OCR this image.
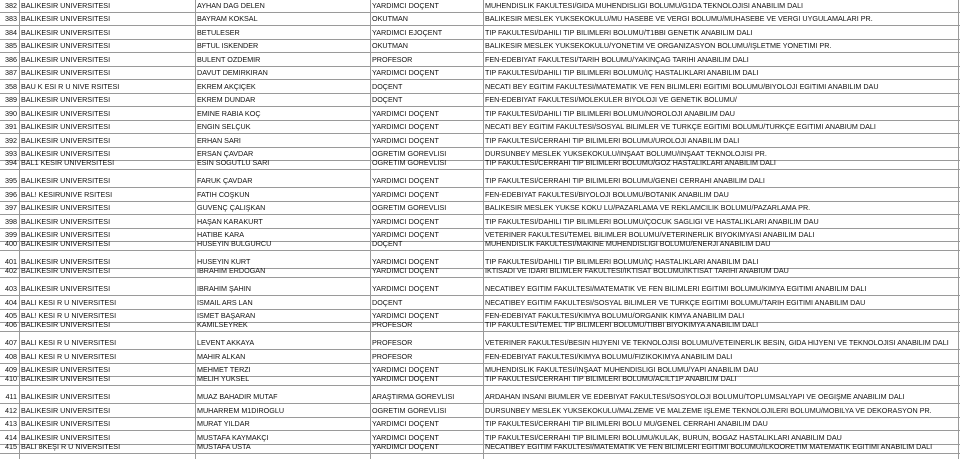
382 BALIKESIR UNIVERSITESI	AYHAN DAG DELEN	YARDIMCI DOÇENT	MUHENDISLIK FAKULTESI/GIDA MUHENDISLIGI BOLUMU/G1DA TEKNOLOJISI ANABILIM DALI
383 BALIKESIR UNIVERSITESI	BAYRAM KOKSAL	OKUTMAN	BALIKESIR MESLEK YUKSEKOKULU/MU HASEBE VE VERGI BOLUMU/MUHASEBE VE VERGI UYGULAMALARI PR.
384 BALIKESIR UNIVERSITESI	BETULESER	YARDIMCI EJOÇENT	TIP FAKULTESI/DAHILI TIP BILIMLERI BOLUMU/T1BBI GENETIK ANABILIM DALI
385 BALIKESIR UNIVERSITESI	BFTUL ISKENDER	OKUTMAN	BALIKESIR MESLEK YUKSEKOKULU/YONETIM VE ORGANIZASYON BOLUMU/IŞLETME YONETIMI PR.
386 BALIKESIR UNIVERSITESI	BULENT OZDEMIR	PROFESOR	FEN-EDEBIYAT FAKULTESI/TARIH BOLUMU/YAKINÇAG TARIHI ANABILIM DALI
387 BALIKESIR UNIVERSITESI	DAVUT DEMIRKIRAN	YARDIMCI DOÇENT	TIP FAKULTESI/DAHILI TIP BILIMLERI BOLUMU/IÇ HASTALIKLARI ANABILIM DALI
358 BAU K ESI R U NIVE RSITESI	EKREM AKÇIÇEK	DOÇENT	NECATI BEY EGITIM FAKULTESI/MATEMATIK VE FEN BILIMLERI EGITIMI BOLUMU/BIYOLOJI EGITIMI ANABILIM DAU
389 BALIKESIR UNIVERSITESI	EKREM DUNDAR	DOÇENT	FEN-EDEBIYAT FAKULTESI/MOLEKULER BIYOLOJI VE GENETIK BOLUMU/
390 BALIKESIR UNIVERSITESI	EMINE RABIA KOÇ	YARDIMCI DOÇENT	TIP FAKULTESI/DAHILI TIP BILIMLERI BOLUMU/NOROLOJI ANABILIM DAU
391 BALIKESIR UNIVERSITESI	ENGIN SELÇUK	YARDIMCI DOÇENT	NECATI BEY EGITIM FAKULTESI/SOSYAL BILIMLER VE TURKÇE EGITIMI BOLUMU/TURKÇE EGITIMI ANABIUM DALI
392 BALIKESIR UNIVERSITESI	ERHAN SARI	YARDIMCI DOÇENT	TIP FAKULTESI/CERRAHI TIP BILIMLERI BOLUMU/UROLOJI ANABILIM DALI
393 BALIKESIR UNIVERSITESI	ERSAN ÇAVDAR	OGRETIM GOREVLISI	DURSUNBEY MESLEK YUKSEKOKULU/INŞAAT BOLUMU/INŞAAT TEKNOLOJISI PR.
394 BAL1 KESIR UNIVERSITESI	ESIN SOGUTLU SARI	OGRETIM GOREVLISI	TIP FAKULTESI/CERRAHI TIP BILIMLERI BOLUMU/GOZ HASTALIKLARI ANABILIM DALI
395 BALIKESIR UNIVERSITESI	FARUK ÇAVDAR	YARDIMCI DOÇENT	TIP FAKULTESI/CERRAHI TIP BILIMLERI BOLUMU/GENEI CERRAHI ANABILIM DALI
396 BAL! KESIRUNIVE RSITESI	FATIH COŞKUN	YARDIMCI DOÇENT	FEN-EDEBIYAT FAKULTESI/BIYOLOJI BOLUMU/BOTANIK ANABILIM DAU
397 BALIKESIR UNIVERSITESI	GUVENÇ ÇALIŞKAN	OGRETIM GOREVLISI	BALIKESIR MESLEK YUKSE KOKU LU/PAZARLAMA VE REKLAMCILIK BOLUMU/PAZARLAMA PR.
398 BALIKESIR UNIVERSITESI	HAŞAN KARAKURT	YARDIMCI DOÇENT	TIP FAKULTESI/DAHILI TIP BILIMLERI BOLUMU/ÇOCUK SAGLIGI VE HASTALIKLARI ANABILIM DAU
399 BALIKESIR UNIVERSITESI	HATIBE KARA	YARDIMCI DOÇENT	VETERINER FAKULTESI/TEMEL BILIMLER BOLUMU/VETERINERLIK BIYOKIMYASI ANABILIM DALI
400 BALIKESIR UNIVERSITESI	HUSEYIN BULGURCU	DOÇENT	MUHENDISLIK FAKULTESI/MAKINE MUHENDISLIGI BOLUMU/ENERJI ANABILIM DAU
401 BALIKESIR UNIVERSITESI	HUSEYIN KURT	YARDIMCI DOÇENT	TIP FAKULTESI/DAHILI TIP BILIMLERI BOLUMU/IÇ HASTALIKLARI ANABILIM DALI
402 BALIKESIR UNIVERSITESI	IBRAHIM ERDOGAN	YARDIMCI DOÇENT	IKTISADI VE IDARI BILIMLER FAKULTESI/IKTISAT BOLUMU/IKTISAT TARIHI ANABIUM DAU
403 BALIKESIR UNIVERSITESI	IBRAHIM ŞAHIN	YARDIMCI DOÇENT	NECATIBEY EGITIM FAKULTESI/MATEMATIK VE FEN BILIMLERI EGITIMI BOLUMU/KIMYA EGITIMI ANABILIM DALI
404 BALI KESI R U NIVERSITESI	ISMAIL ARS LAN	DOÇENT	NECATIBEY EGITIM FAKULTESI/SOSYAL BILIMLER VE TURKÇE EGITIMI BOLUMU/TARIH EGITIMI ANABILIM DAU
405 BAL! KESI R U NIVERSITESI	ISMET BAŞARAN	YARDIMCI DOÇENT	FEN-EDEBIYAT FAKULTESI/KIMYA BOLUMU/ORGANIK KIMYA ANABILIM DALI
406 BALIKESIR UNIVERSITESI	KAMILSEYREK	PROFESOR	TIP FAKULTESI/TEMEL TIP BILIMLERI BOLUMU/TIBBI BIYOKIMYA ANABILIM DALI
407 BALI KESI R U NIVERSITESI	LEVENT AKKAYA	PROFESOR	VETERINER FAKULTESI/BESIN HIJYENI VE TEKNOLOJISI BOLUMU/VETEINERLIK BESIN, GIDA HIJYENI VE TEKNOLOJISI ANABILIM DALI
408 BALI KESI R U NIVERSITESI	MAHIR ALKAN	PROFESOR	FEN-EDEBIYAT FAKULTESI/KIMYA BOLUMU/FIZIKOKIMYA ANABILIM DALI
409 BALIKESIR UNIVERSITESI	MEHMET TERZI	YARDIMCI DOÇENT	MUHENDISLIK FAKULTESI/INŞAAT MUHENDISLIGI BOLUMU/YAPI ANABILIM DAU
410 BALIKESIR UNIVERSITESI	MELIH YUKSEL	YARDIMCI DOÇENT	TIP FAKULTESI/CERRAHI TIP BILIMLERI BOLUMU/ACILT1P ANABILIM DALI
411 BALIKESIR UNIVERSITESI	MUAZ BAHADIR MUTAF	ARAŞTIRMA GOREVLISI	ARDAHAN INSANI BIUMLER VE EDEBIYAT FAKULTESI/SOSYOLOJI BOLUMU/TOPLUMSALYAPI VE OEGIŞME ANABILIM DALI
412 BALIKESIR UNIVERSITESI	MUHARREM M1DIROGLU	OGRETIM GOREVLISI	DURSUNBEY MESLEK YUKSEKOKULU/MALZEME VE MALZEME IŞLEME TEKNOLOJILERI BOLUMU/MOBILYA VE DEKORASYON PR.
413 BALIKESIR UNIVERSITESI	MURAT YILDAR	YARDIMCI DOÇENT	TIP FAKULTESI/CERRAHI TIP BILIMLERI BOLU MU/GENEL CERRAHI ANABILIM DAU
414 BALIKESIR UNIVERSITESI	MUSTAFA KAYMAKÇI	YARDIMCI DOÇENT	TIP FAKULTESI/CERRAHI TIP BILIMLERI BOLUMU/KULAK, BURUN, BOGAZ HASTALIKLARI ANABILIM DAU
415 BALI 8KEŞI R U NIVERSITESI	MUSTAFA USTA	YARDIMCI DOÇENT	NECATIBEY EGITIM FAKULTESI/MATEMATIK VE FEN BILIMLERI EGITIMI BOLUMU/ILKOORETIM MATEMATIK EGITIMI ANABILIM DALI
